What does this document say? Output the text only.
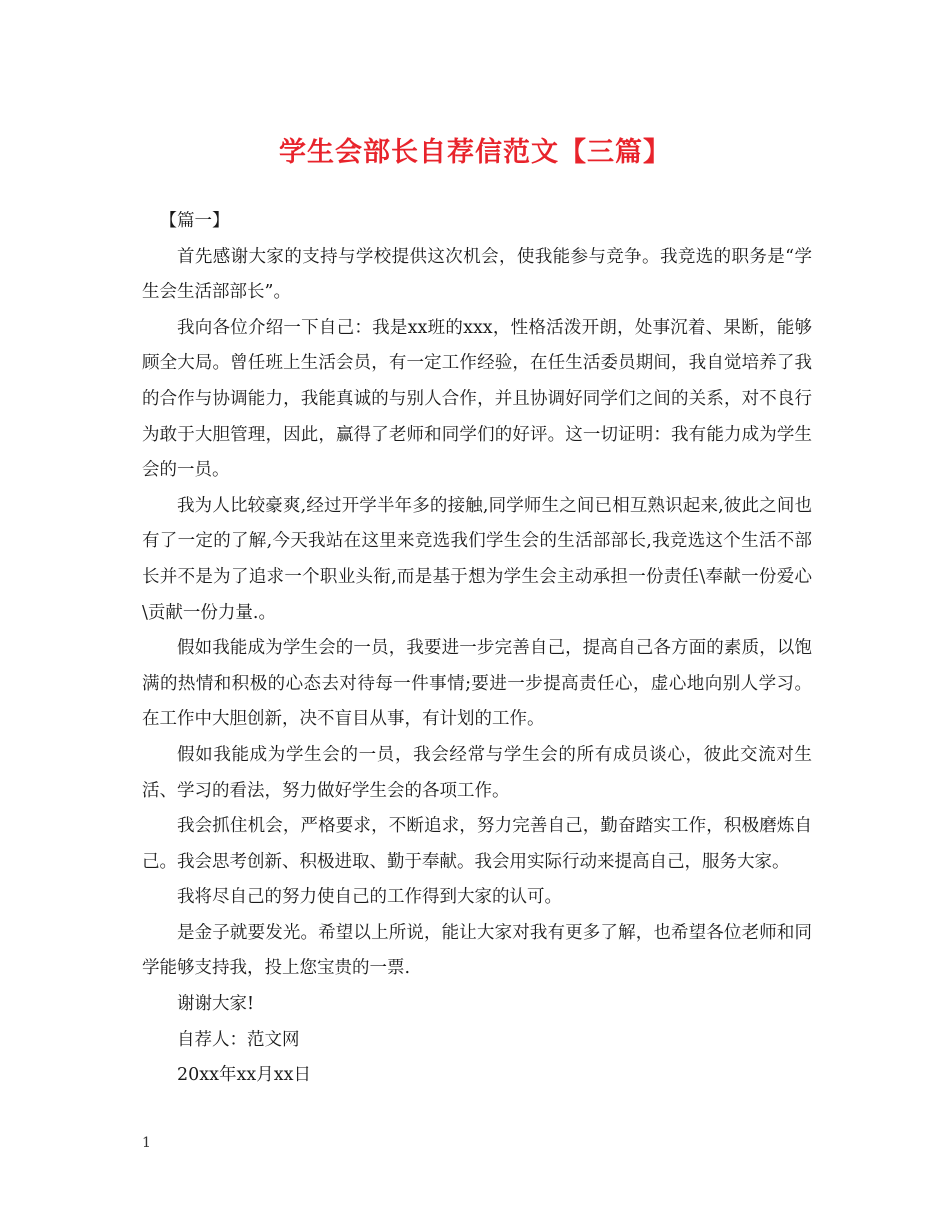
学生会部长自荐信范文【三篇】

【篇一】

首先感谢大家的支持与学校提供这次机会，使我能参与竞争。我竞选的职务是“学生会生活部部长”。

我向各位介绍一下自己：我是xx班的xxx，性格活泼开朗，处事沉着、果断，能够顾全大局。曾任班上生活会员，有一定工作经验，在任生活委员期间，我自觉培养了我的合作与协调能力，我能真诚的与别人合作，并且协调好同学们之间的关系，对不良行为敢于大胆管理，因此，赢得了老师和同学们的好评。这一切证明：我有能力成为学生会的一员。

我为人比较豪爽,经过开学半年多的接触,同学师生之间已相互熟识起来,彼此之间也有了一定的了解,今天我站在这里来竞选我们学生会的生活部部长,我竞选这个生活不部长并不是为了追求一个职业头衔,而是基于想为学生会主动承担一份责任\奉献一份爱心\贡献一份力量.。

假如我能成为学生会的一员，我要进一步完善自己，提高自己各方面的素质，以饱满的热情和积极的心态去对待每一件事情;要进一步提高责任心，虚心地向别人学习。在工作中大胆创新，决不盲目从事，有计划的工作。

假如我能成为学生会的一员，我会经常与学生会的所有成员谈心，彼此交流对生活、学习的看法，努力做好学生会的各项工作。

我会抓住机会，严格要求，不断追求，努力完善自己，勤奋踏实工作，积极磨炼自己。我会思考创新、积极进取、勤于奉献。我会用实际行动来提高自己，服务大家。

我将尽自己的努力使自己的工作得到大家的认可。

是金子就要发光。希望以上所说，能让大家对我有更多了解，也希望各位老师和同学能够支持我，投上您宝贵的一票.

谢谢大家!

自荐人：范文网

20xx年xx月xx日

1
